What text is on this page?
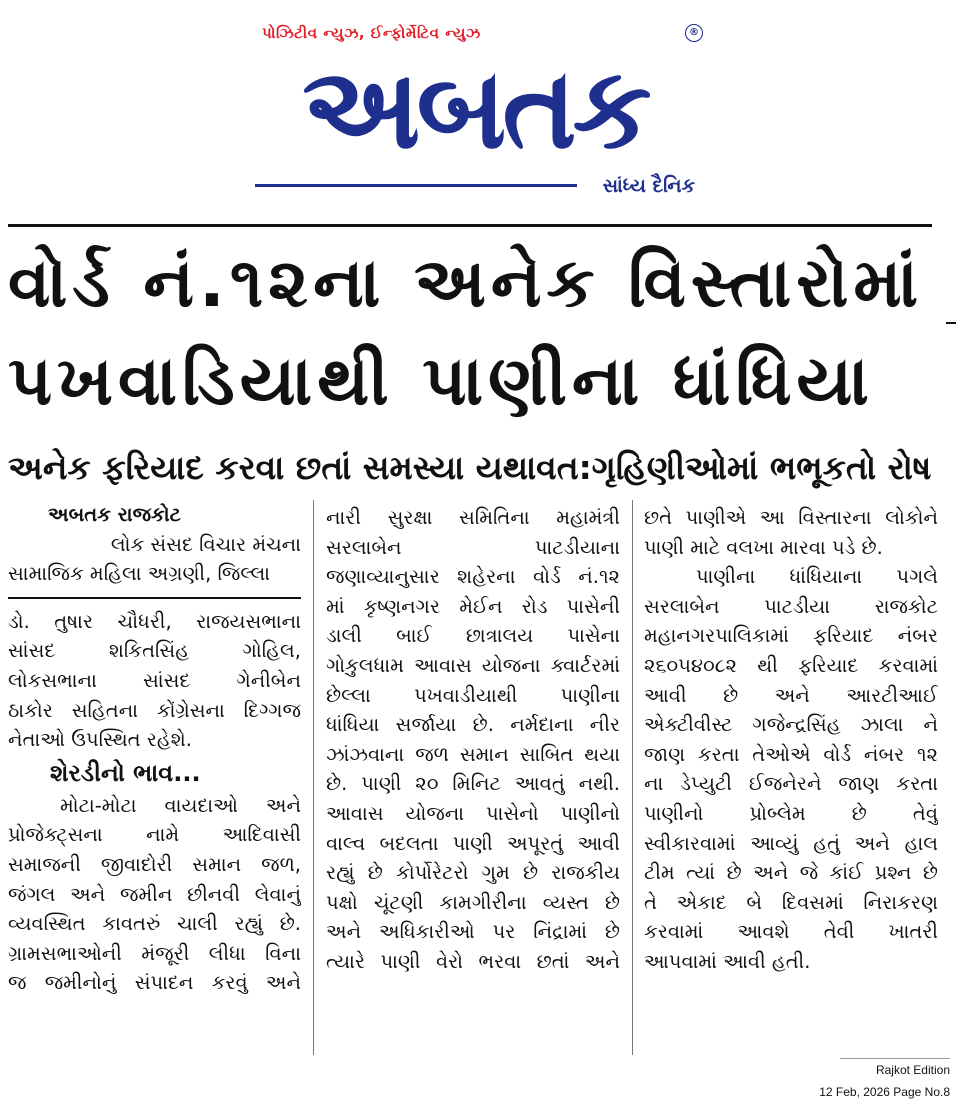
પોઝિટીવ ન્યુઝ, ઈન્ફોર્મેટિવ ન્યુઝ	®
અબતક
સાંધ્ય દૈનિક
વોર્ડ નં.૧૨ના અનેક વિસ્તારોમાં
પખવાડિયાથી પાણીના ધાંધિયા
અનેક ફરિયાદ કરવા છતાં સમસ્યા યથાવત:ગૃહિણીઓમાં ભભૂકતો રોષ
અબતક રાજકોટ
લોક સંસદ વિચાર મંચના
સામાજિક મહિલા અગ્રણી, જિલ્લા
ડો. તુષાર ચૌધરી, રાજયસભાના
સાંસદ શકિતસિંહ ગોહિલ,
લોકસભાના સાંસદ ગેનીબેન
ઠાકોર સહિતના કોંગ્રેસના દિગ્ગજ
નેતાઓ ઉપસ્થિત રહેશે.
શેરડીનો ભાવ...
મોટા-મોટા વાયદાઓ અને
પ્રોજેક્ટ્સના નામે આદિવાસી
સમાજની જીવાદોરી સમાન જળ,
જંગલ અને જમીન છીનવી લેવાનું
વ્યવસ્થિત કાવતરું ચાલી રહ્યું છે.
ગ્રામસભાઓની મંજૂરી લીધા વિના
જ જમીનોનું સંપાદન કરવું અને
નારી સુરક્ષા સમિતિના મહામંત્રી
સરલાબેન પાટડીયાના
જણાવ્યાનુસાર શહેરના વોર્ડ નં.૧૨
માં કૃષ્ણનગર મેઈન રોડ પાસેની
ડાલી બાઈ છાત્રાલય પાસેના
ગોકુલધામ આવાસ યોજના ક્વાર્ટરમાં
છેલ્લા પખવાડીયાથી પાણીના
ધાંધિયા સર્જાયા છે. નર્મદાના નીર
ઝાંઝવાના જળ સમાન સાબિત થયા
છે. પાણી ૨૦ મિનિટ આવતું નથી.
આવાસ યોજના પાસેનો પાણીનો
વાલ્વ બદલતા પાણી અપૂરતું આવી
રહ્યું છે કોર્પોરેટરો ગુમ છે રાજકીય
પક્ષો ચૂંટણી કામગીરીના વ્યસ્ત છે
અને અધિકારીઓ પર નિંદ્રામાં છે
ત્યારે પાણી વેરો ભરવા છતાં અને
છતે પાણીએ આ વિસ્તારના લોકોને
પાણી માટે વલખા મારવા પડે છે.
પાણીના ધાંધિયાના પગલે
સરલાબેન પાટડીયા રાજકોટ
મહાનગરપાલિકામાં ફરિયાદ નંબર
૨૬૦૫૪૦૮૨ થી ફરિયાદ કરવામાં
આવી છે અને આરટીઆઈ
એક્ટીવીસ્ટ ગજેન્દ્રસિંહ ઝાલા ને
જાણ કરતા તેઓએ વોર્ડ નંબર ૧૨
ના ડેપ્યુટી ઈજનેરને જાણ કરતા
પાણીનો પ્રોબ્લેમ છે તેવું
સ્વીકારવામાં આવ્યું હતું અને હાલ
ટીમ ત્યાં છે અને જે કાંઈ પ્રશ્ન છે
તે એકાદ બે દિવસમાં નિરાકરણ
કરવામાં આવશે તેવી ખાતરી
આપવામાં આવી હતી.
Rajkot Edition
12 Feb, 2026 Page No.8
